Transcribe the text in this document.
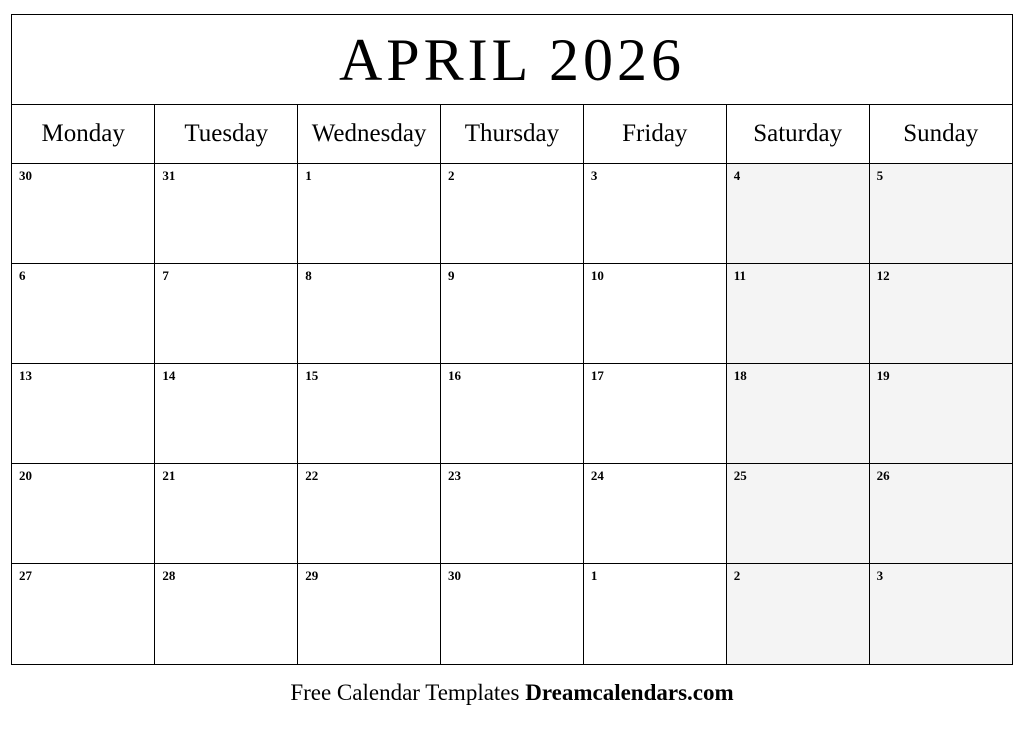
APRIL 2026
Monday	Tuesday	Wednesday	Thursday	Friday	Saturday	Sunday

30	31	1	2	3	4	5

6	7	8	9	10	11	12

13	14	15	16	17	18	19

20	21	22	23	24	25	26

27	28	29	30	1	2	3
Free Calendar Templates Dreamcalendars.com
